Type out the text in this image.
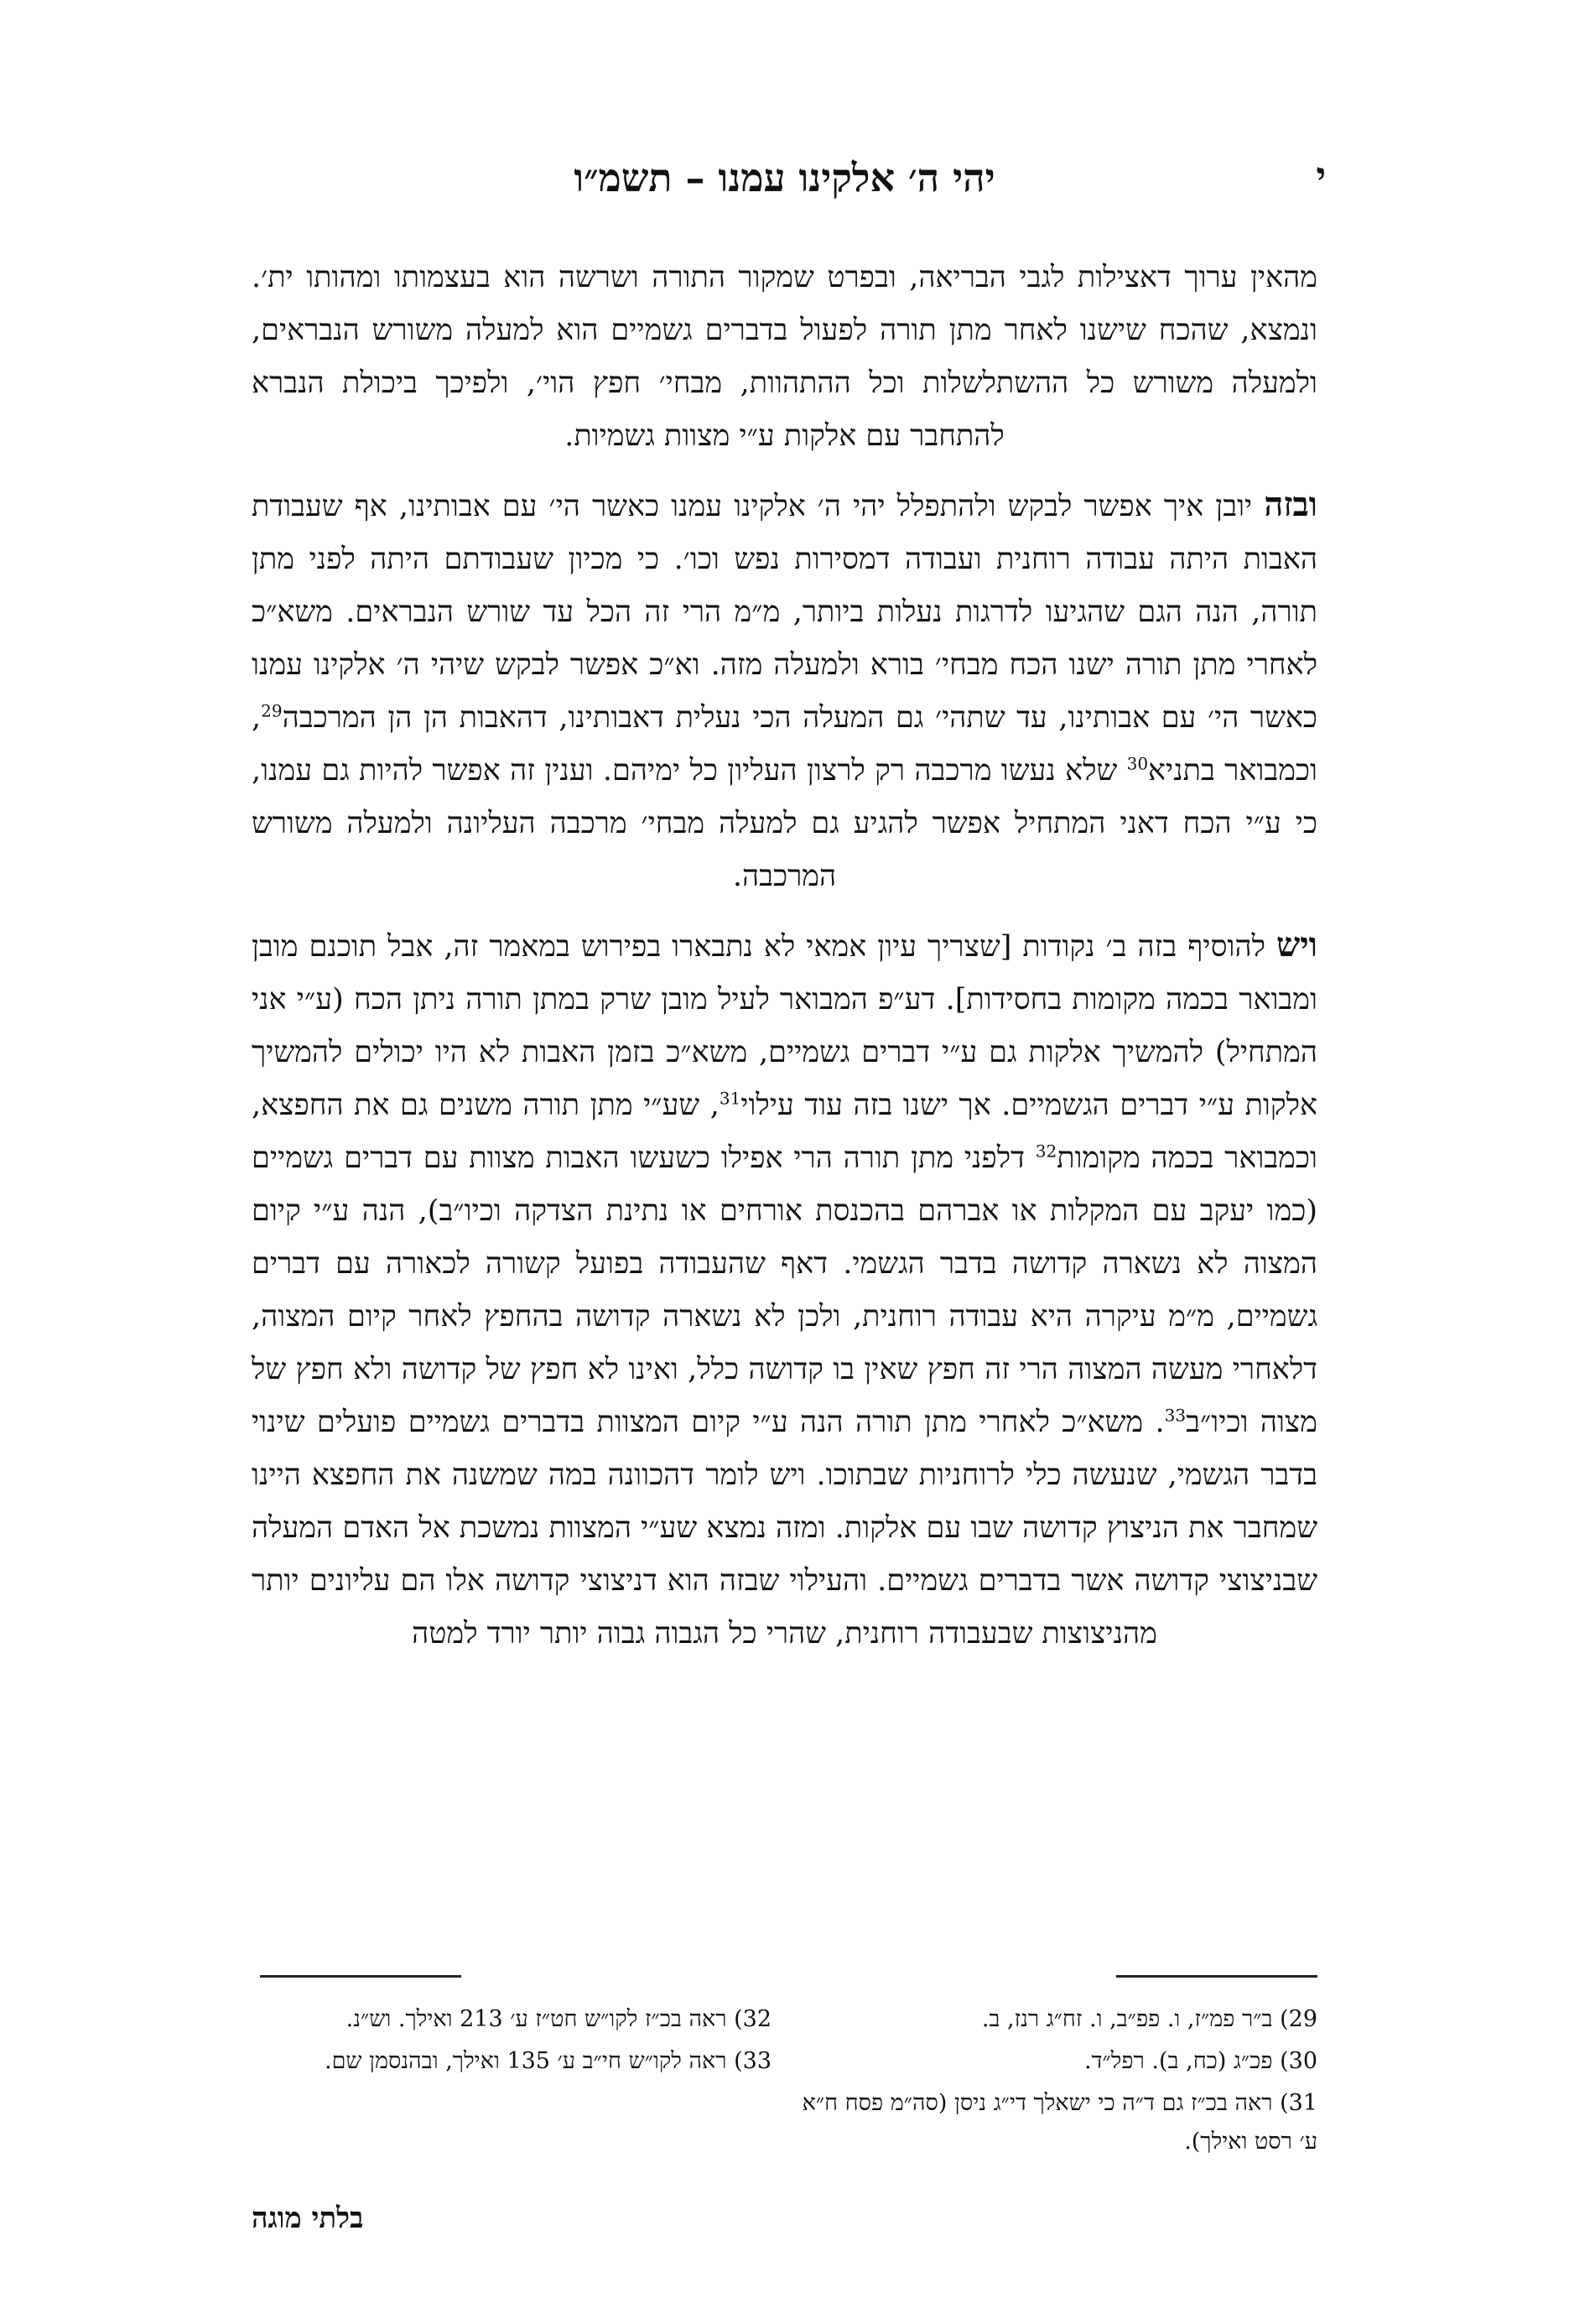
י
יהי ה׳ אלקינו עמנו – תשמ״ו

מהאין ערוך דאצילות לגבי הבריאה, ובפרט שמקור התורה ושרשה הוא בעצמותו ומהותו ית׳. ונמצא, שהכח שישנו לאחר מתן תורה לפעול בדברים גשמיים הוא למעלה משורש הנבראים, ולמעלה משורש כל ההשתלשלות וכל ההתהוות, מבחי׳ חפץ הוי׳, ולפיכך ביכולת הנברא להתחבר עם אלקות ע״י מצוות גשמיות.

ובזה יובן איך אפשר לבקש ולהתפלל יהי ה׳ אלקינו עמנו כאשר הי׳ עם אבותינו, אף שעבודת האבות היתה עבודה רוחנית ועבודה דמסירות נפש וכו׳. כי מכיון שעבודתם היתה לפני מתן תורה, הנה הגם שהגיעו לדרגות נעלות ביותר, מ״מ הרי זה הכל עד שורש הנבראים. משא״כ לאחרי מתן תורה ישנו הכח מבחי׳ בורא ולמעלה מזה. וא״כ אפשר לבקש שיהי ה׳ אלקינו עמנו כאשר הי׳ עם אבותינו, עד שתהי׳ גם המעלה הכי נעלית דאבותינו, דהאבות הן הן המרכבה$^{29}$, וכמבואר בתניא$^{30}$ שלא נעשו מרכבה רק לרצון העליון כל ימיהם. וענין זה אפשר להיות גם עמנו, כי ע״י הכח דאני המתחיל אפשר להגיע גם למעלה מבחי׳ מרכבה העליונה ולמעלה משורש המרכבה.

ויש להוסיף בזה ב׳ נקודות [שצריך עיון אמאי לא נתבארו בפירוש במאמר זה, אבל תוכנם מובן ומבואר בכמה מקומות בחסידות]. דע״פ המבואר לעיל מובן שרק במתן תורה ניתן הכח (ע״י אני המתחיל) להמשיך אלקות גם ע״י דברים גשמיים, משא״כ בזמן האבות לא היו יכולים להמשיך אלקות ע״י דברים הגשמיים. אך ישנו בזה עוד עילוי$^{31}$, שע״י מתן תורה משנים גם את החפצא, וכמבואר בכמה מקומות$^{32}$ דלפני מתן תורה הרי אפילו כשעשו האבות מצוות עם דברים גשמיים (כמו יעקב עם המקלות או אברהם בהכנסת אורחים או נתינת הצדקה וכיו״ב), הנה ע״י קיום המצוה לא נשארה קדושה בדבר הגשמי. דאף שהעבודה בפועל קשורה לכאורה עם דברים גשמיים, מ״מ עיקרה היא עבודה רוחנית, ולכן לא נשארה קדושה בהחפץ לאחר קיום המצוה, דלאחרי מעשה המצוה הרי זה חפץ שאין בו קדושה כלל, ואינו לא חפץ של קדושה ולא חפץ של מצוה וכיו״ב$^{33}$. משא״כ לאחרי מתן תורה הנה ע״י קיום המצוות בדברים גשמיים פועלים שינוי בדבר הגשמי, שנעשה כלי לרוחניות שבתוכו. ויש לומר דהכוונה במה שמשנה את החפצא היינו שמחבר את הניצוץ קדושה שבו עם אלקות. ומזה נמצא שע״י המצוות נמשכת אל האדם המעלה שבניצוצי קדושה אשר בדברים גשמיים. והעילוי שבזה הוא דניצוצי קדושה אלו הם עליונים יותר מהניצוצות שבעבודה רוחנית, שהרי כל הגבוה גבוה יותר יורד למטה

29) ב״ר פמ״ז, ו. פפ״ב, ו. זח״ג רנז, ב.
30) פכ״ג (כח, ב). רפל״ד.
31) ראה בכ״ז גם ד״ה כי ישאלך די״ג ניסן (סה״מ פסח ח״א ע׳ רסט ואילך).
32) ראה בכ״ז לקו״ש חט״ז ע׳ 213 ואילך. וש״נ.
33) ראה לקו״ש חי״ב ע׳ 135 ואילך, ובהנסמן שם.
בלתי מוגה
